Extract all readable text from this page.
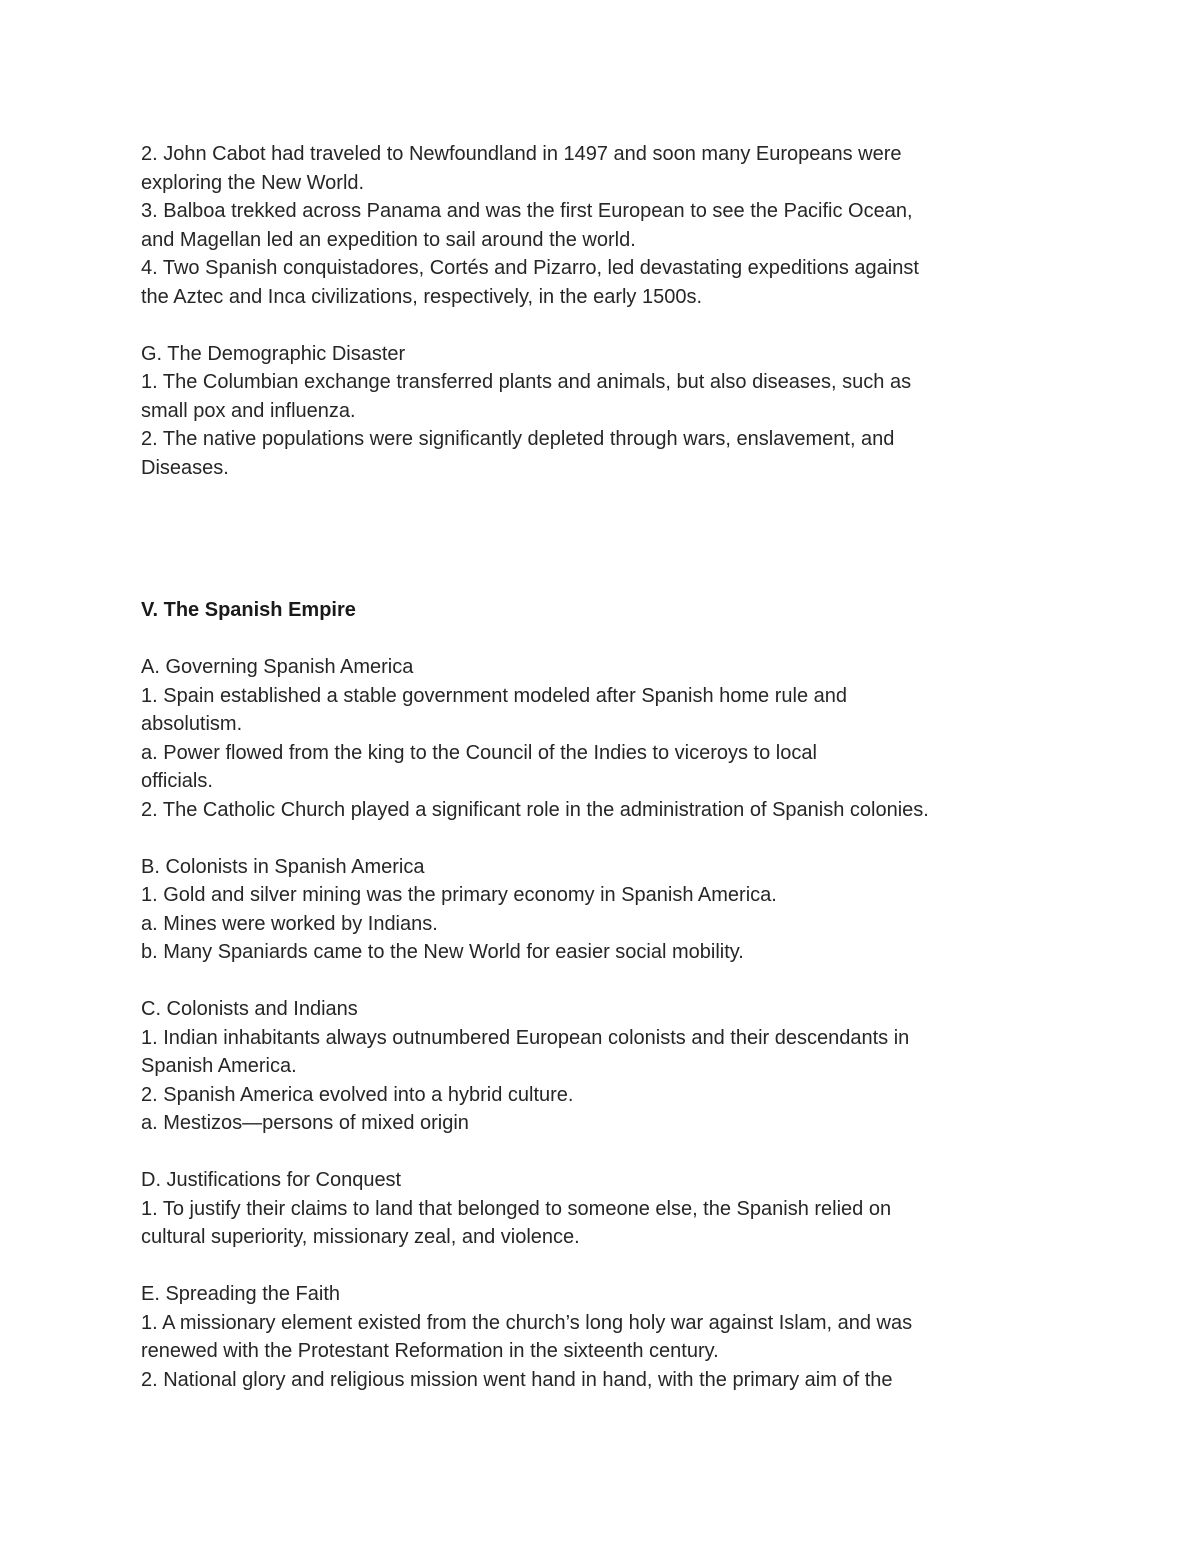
2. John Cabot had traveled to Newfoundland in 1497 and soon many Europeans were
exploring the New World.
3. Balboa trekked across Panama and was the first European to see the Pacific Ocean,
and Magellan led an expedition to sail around the world.
4. Two Spanish conquistadores, Cortés and Pizarro, led devastating expeditions against
the Aztec and Inca civilizations, respectively, in the early 1500s.
G. The Demographic Disaster
1. The Columbian exchange transferred plants and animals, but also diseases, such as
small pox and influenza.
2. The native populations were significantly depleted through wars, enslavement, and
Diseases.
V. The Spanish Empire
A. Governing Spanish America
1. Spain established a stable government modeled after Spanish home rule and
absolutism.
a. Power flowed from the king to the Council of the Indies to viceroys to local
officials.
2. The Catholic Church played a significant role in the administration of Spanish colonies.
B. Colonists in Spanish America
1. Gold and silver mining was the primary economy in Spanish America.
a. Mines were worked by Indians.
b. Many Spaniards came to the New World for easier social mobility.
C. Colonists and Indians
1. Indian inhabitants always outnumbered European colonists and their descendants in
Spanish America.
2. Spanish America evolved into a hybrid culture.
a. Mestizos—persons of mixed origin
D. Justifications for Conquest
1. To justify their claims to land that belonged to someone else, the Spanish relied on
cultural superiority, missionary zeal, and violence.
E. Spreading the Faith
1. A missionary element existed from the church’s long holy war against Islam, and was
renewed with the Protestant Reformation in the sixteenth century.
2. National glory and religious mission went hand in hand, with the primary aim of the
